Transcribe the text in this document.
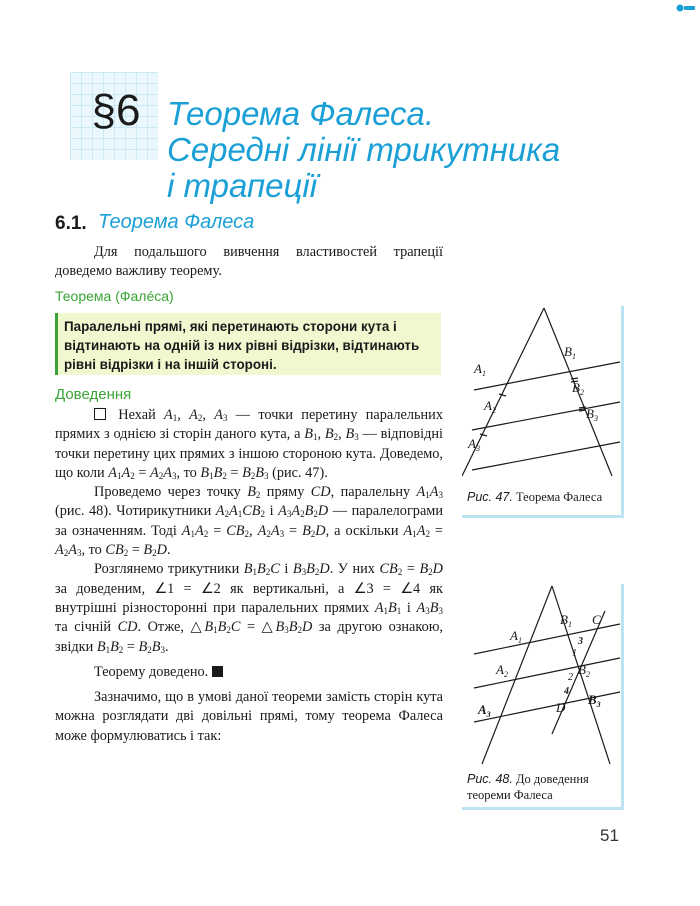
§6 Теорема Фалеса.
Середні лінії трикутника
і трапеції
6.1. Теорема Фалеса

Для подальшого вивчення властивостей трапеції доведемо важливу теорему.

Теорема (Фалéса)
Паралельні прямі, які перетинають сторони кута і відтинають на одній із них рівні відрізки, відтинають рівні відрізки і на іншій стороні.
Доведення

Нехай $A_1$, $A_2$, $A_3$ — точки перетину паралельних прямих з однією зі сторін даного кута, а $B_1$, $B_2$, $B_3$ — відповідні точки перетину цих прямих з іншою стороною кута. Доведемо, що коли $A_1A_2 = A_2A_3$, то $B_1B_2 = B_2B_3$ (рис. 47).

Проведемо через точку $B_2$ пряму CD, паралельну $A_1A_3$ (рис. 48). Чотирикутники $A_2A_1CB_2$ і $A_3A_2B_2D$ — паралелограми за означенням. Тоді $A_1A_2 = CB_2$, $A_2A_3 = B_2D$, а оскільки $A_1A_2 = A_2A_3$, то $CB_2 = B_2D$.

Розглянемо трикутники $B_1B_2C$ і $B_3B_2D$. У них $CB_2 = B_2D$ за доведеним, ∠1 = ∠2 як вертикальні, а ∠3 = ∠4 як внутрішні різносторонні при паралельних прямих $A_1B_1$ і $A_3B_3$ та січній CD. Отже, $\triangle B_1B_2C$ = $\triangle B_3B_2D$ за другою ознакою, звідки $B_1B_2 = B_2B_3$.

Теорему доведено.

Зазначимо, що в умові даної теореми замість сторін кута можна розглядати дві довільні прямі, тому теорема Фалеса може формулюватись і так:

$A_1$
$A_2$
$A_3$
$B_1$
$B_2$
$B_3$
Рис. 47. Теорема Фалеса
$A_1$
$A_2$
$A_3$
$B_1$ C
$B_2$
$B_3$
D
3
1
2
4
Рис. 48. До доведення теореми Фалеса
51
